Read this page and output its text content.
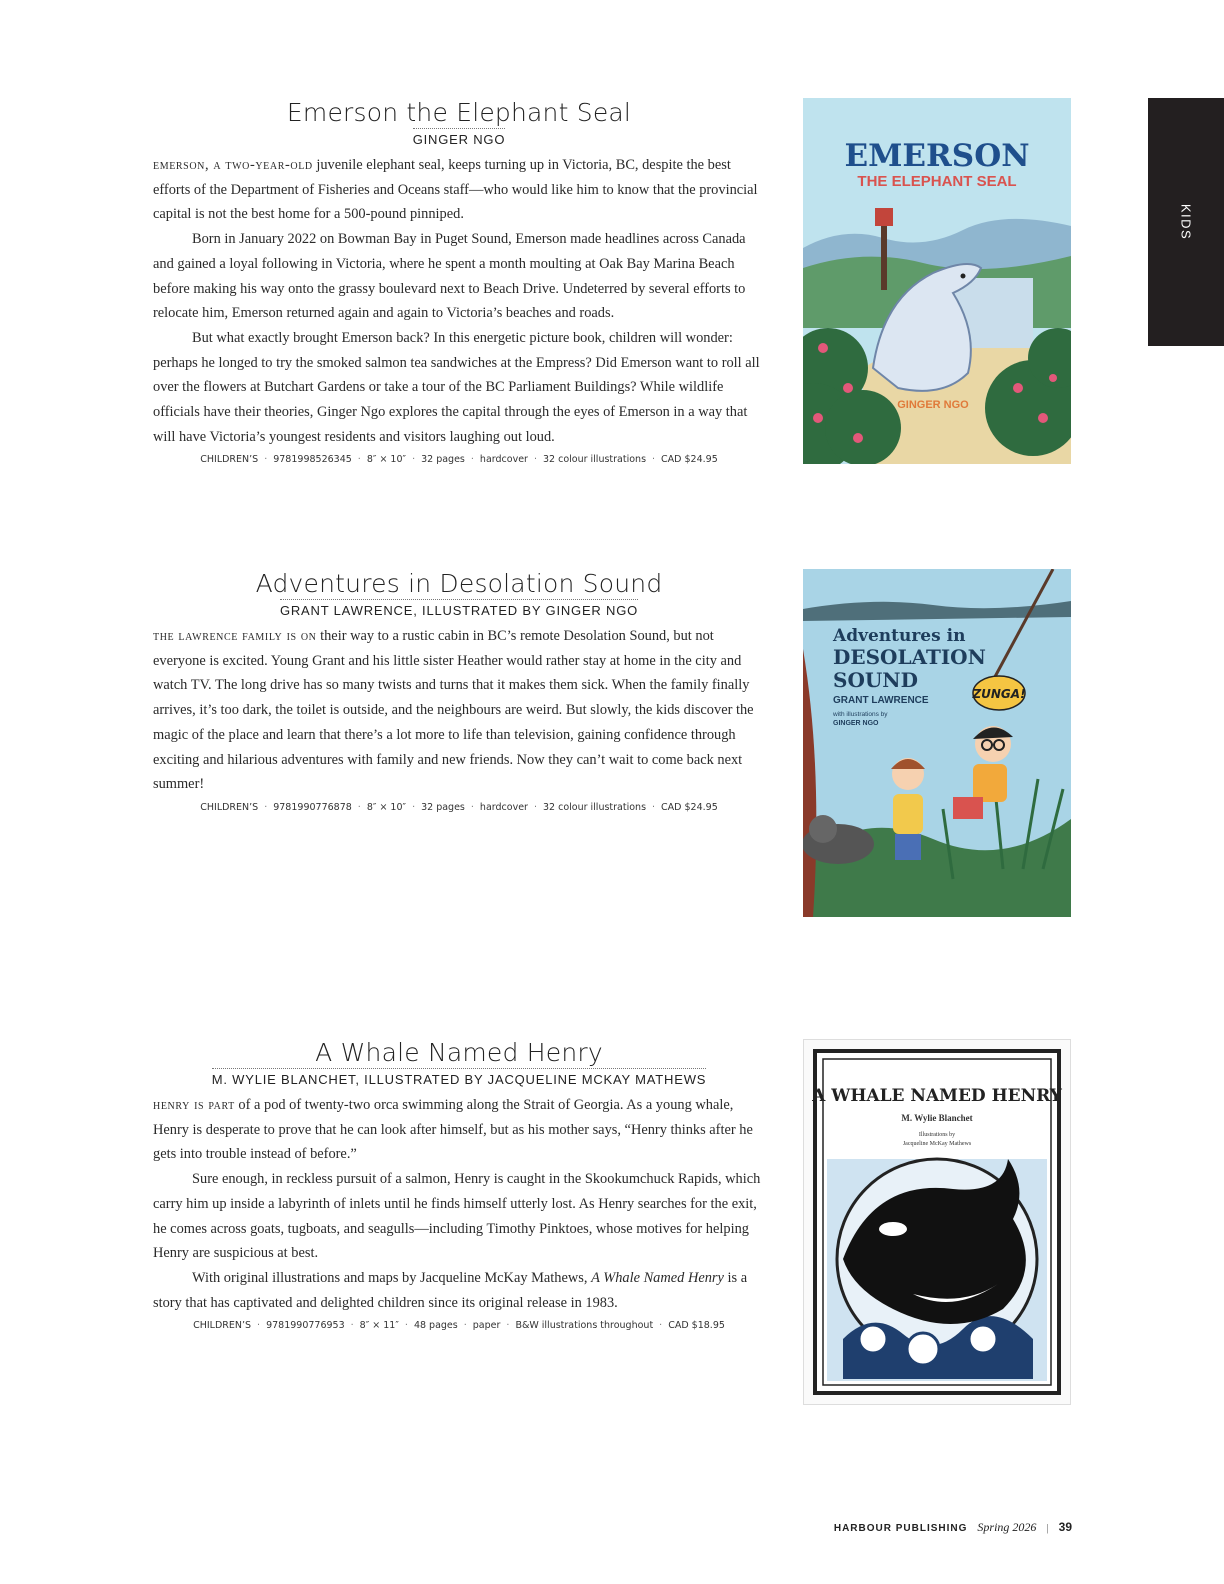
KIDS
Emerson the Elephant Seal
GINGER NGO

emerson, a two-year-old juvenile elephant seal, keeps turning up in Victoria, BC, despite the best efforts of the Department of Fisheries and Oceans staff—who would like him to know that the provincial capital is not the best home for a 500-pound pinniped.

Born in January 2022 on Bowman Bay in Puget Sound, Emerson made headlines across Canada and gained a loyal following in Victoria, where he spent a month moulting at Oak Bay Marina Beach before making his way onto the grassy boulevard next to Beach Drive. Undeterred by several efforts to relocate him, Emerson returned again and again to Victoria’s beaches and roads.

But what exactly brought Emerson back? In this energetic picture book, children will wonder: perhaps he longed to try the smoked salmon tea sandwiches at the Empress? Did Emerson want to roll all over the flowers at Butchart Gardens or take a tour of the BC Parliament Buildings? While wildlife officials have their theories, Ginger Ngo explores the capital through the eyes of Emerson in a way that will have Victoria’s youngest residents and visitors laughing out loud.

CHILDREN’S · 9781998526345 · 8″ × 10″ · 32 pages · hardcover · 32 colour illustrations · CAD $24.95
EMERSON
THE ELEPHANT SEAL
GINGER NGO
Adventures in Desolation Sound
GRANT LAWRENCE, ILLUSTRATED BY GINGER NGO

the lawrence family is on their way to a rustic cabin in BC’s remote Desolation Sound, but not everyone is excited. Young Grant and his little sister Heather would rather stay at home in the city and watch TV. The long drive has so many twists and turns that it makes them sick. When the family finally arrives, it’s too dark, the toilet is outside, and the neighbours are weird. But slowly, the kids discover the magic of the place and learn that there’s a lot more to life than television, gaining confidence through exciting and hilarious adventures with family and new friends. Now they can’t wait to come back next summer!

CHILDREN’S · 9781990776878 · 8″ × 10″ · 32 pages · hardcover · 32 colour illustrations · CAD $24.95
ZUNGA!
Adventures in
DESOLATION
SOUND
GRANT LAWRENCE
with illustrations by
GINGER NGO
A Whale Named Henry
M. WYLIE BLANCHET, ILLUSTRATED BY JACQUELINE MCKAY MATHEWS

henry is part of a pod of twenty-two orca swimming along the Strait of Georgia. As a young whale, Henry is desperate to prove that he can look after himself, but as his mother says, “Henry thinks after he gets into trouble instead of before.”

Sure enough, in reckless pursuit of a salmon, Henry is caught in the Skookumchuck Rapids, which carry him up inside a labyrinth of inlets until he finds himself utterly lost. As Henry searches for the exit, he comes across goats, tugboats, and seagulls—including Timothy Pinktoes, whose motives for helping Henry are suspicious at best.

With original illustrations and maps by Jacqueline McKay Mathews, A Whale Named Henry is a story that has captivated and delighted children since its original release in 1983.

CHILDREN’S · 9781990776953 · 8″ × 11″ · 48 pages · paper · B&W illustrations throughout · CAD $18.95
A WHALE NAMED HENRY
M. Wylie Blanchet
Illustrations by
Jacqueline McKay Mathews
HARBOUR PUBLISHING Spring 2026 | 39
